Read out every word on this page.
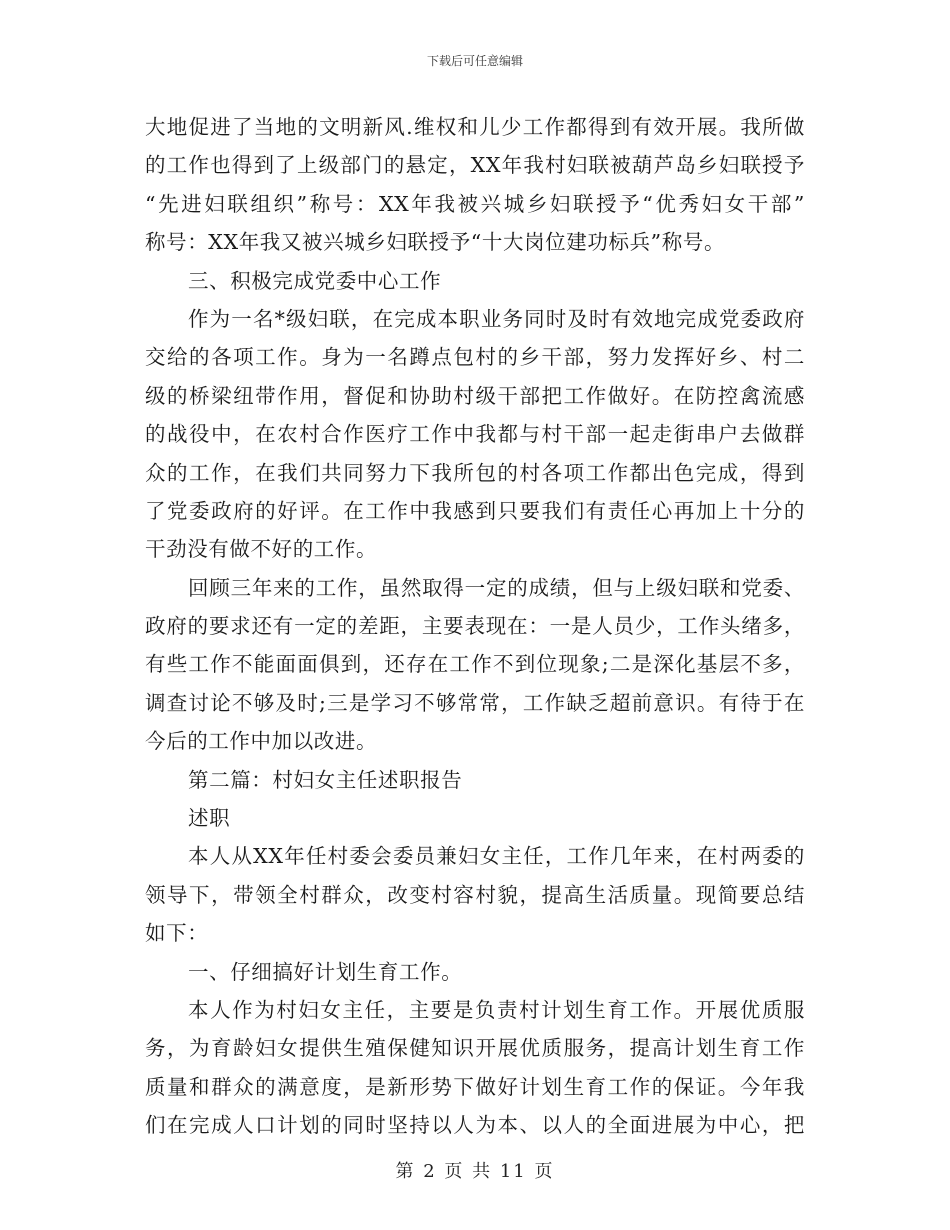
下载后可任意编辑
大地促进了当地的文明新风.维权和儿少工作都得到有效开展。我所做
的工作也得到了上级部门的悬定，XX年我村妇联被葫芦岛乡妇联授予
“先进妇联组织”称号：XX年我被兴城乡妇联授予“优秀妇女干部”
称号：XX年我又被兴城乡妇联授予“十大岗位建功标兵”称号。
三、积极完成党委中心工作
作为一名*级妇联，在完成本职业务同时及时有效地完成党委政府
交给的各项工作。身为一名蹲点包村的乡干部，努力发挥好乡、村二
级的桥梁纽带作用，督促和协助村级干部把工作做好。在防控禽流感
的战役中，在农村合作医疗工作中我都与村干部一起走街串户去做群
众的工作，在我们共同努力下我所包的村各项工作都出色完成，得到
了党委政府的好评。在工作中我感到只要我们有责任心再加上十分的
干劲没有做不好的工作。
回顾三年来的工作，虽然取得一定的成绩，但与上级妇联和党委、
政府的要求还有一定的差距，主要表现在：一是人员少，工作头绪多，
有些工作不能面面俱到，还存在工作不到位现象;二是深化基层不多，
调查讨论不够及时;三是学习不够常常，工作缺乏超前意识。有待于在
今后的工作中加以改进。
第二篇：村妇女主任述职报告
述职
本人从XX年任村委会委员兼妇女主任，工作几年来，在村两委的
领导下，带领全村群众，改变村容村貌，提高生活质量。现简要总结
如下：
一、仔细搞好计划生育工作。
本人作为村妇女主任，主要是负责村计划生育工作。开展优质服
务，为育龄妇女提供生殖保健知识开展优质服务，提高计划生育工作
质量和群众的满意度，是新形势下做好计划生育工作的保证。今年我
们在完成人口计划的同时坚持以人为本、以人的全面进展为中心，把
第 2 页 共 11 页
